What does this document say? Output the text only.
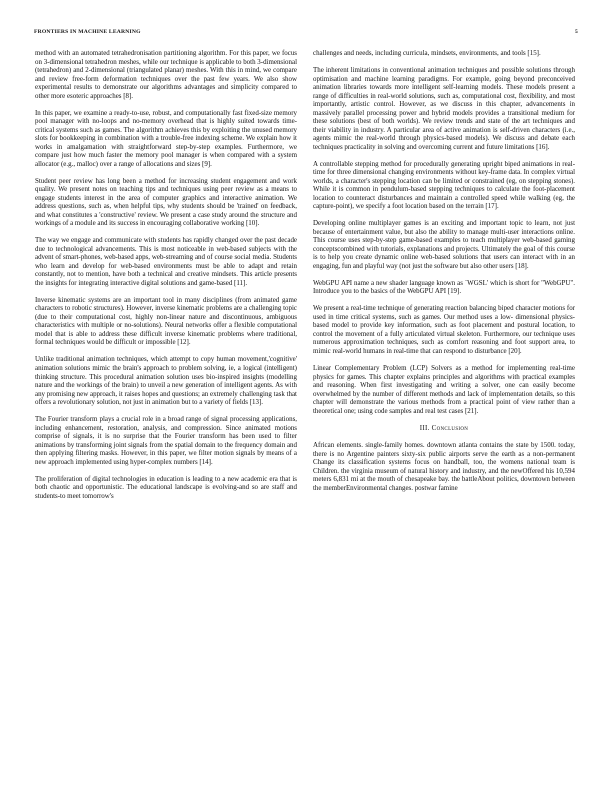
FRONTIERS IN MACHINE LEARNING	5

method with an automated tetrahedronisation partitioning algorithm. For this paper, we focus on 3-dimensional tetrahedron meshes, while our technique is applicable to both 3-dimensional (tetrahedron) and 2-dimensional (triangulated planar) meshes. With this in mind, we compare and review free-form deformation techniques over the past few years. We also show experimental results to demonstrate our algorithms advantages and simplicity compared to other more esoteric approaches [8].

In this paper, we examine a ready-to-use, robust, and computationally fast fixed-size memory pool manager with no-loops and no-memory overhead that is highly suited towards time-critical systems such as games. The algorithm achieves this by exploiting the unused memory slots for bookkeeping in combination with a trouble-free indexing scheme. We explain how it works in amalgamation with straightforward step-by-step examples. Furthermore, we compare just how much faster the memory pool manager is when compared with a system allocator (e.g., malloc) over a range of allocations and sizes [9].

Student peer review has long been a method for increasing student engagement and work quality. We present notes on teaching tips and techniques using peer review as a means to engage students interest in the area of computer graphics and interactive animation. We address questions, such as, when helpful tips, why students should be 'trained' on feedback, and what constitutes a 'constructive' review. We present a case study around the structure and workings of a module and its success in encouraging collaborative working [10].

The way we engage and communicate with students has rapidly changed over the past decade due to technological advancements. This is most noticeable in web-based subjects with the advent of smart-phones, web-based apps, web-streaming and of course social media. Students who learn and develop for web-based environments must be able to adapt and retain constantly, not to mention, have both a technical and creative mindsets. This article presents the insights for integrating interactive digital solutions and game-based [11].

Inverse kinematic systems are an important tool in many disciplines (from animated game characters to robotic structures). However, inverse kinematic problems are a challenging topic (due to their computational cost, highly non-linear nature and discontinuous, ambiguous characteristics with multiple or no-solutions). Neural networks offer a flexible computational model that is able to address these difficult inverse kinematic problems where traditional, formal techniques would be difficult or impossible [12].

Unlike traditional animation techniques, which attempt to copy human movement,'cognitive' animation solutions mimic the brain's approach to problem solving, ie, a logical (intelligent) thinking structure. This procedural animation solution uses bio-inspired insights (modelling nature and the workings of the brain) to unveil a new generation of intelligent agents. As with any promising new approach, it raises hopes and questions; an extremely challenging task that offers a revolutionary solution, not just in animation but to a variety of fields [13].

The Fourier transform plays a crucial role in a broad range of signal processing applications, including enhancement, restoration, analysis, and compression. Since animated motions comprise of signals, it is no surprise that the Fourier transform has been used to filter animations by transforming joint signals from the spatial domain to the frequency domain and then applying filtering masks. However, in this paper, we filter motion signals by means of a new approach implemented using hyper-complex numbers [14].

The proliferation of digital technologies in education is leading to a new academic era that is both chaotic and opportunistic. The educational landscape is evolving-and so are staff and students-to meet tomorrow's

challenges and needs, including curricula, mindsets, environments, and tools [15].

The inherent limitations in conventional animation techniques and possible solutions through optimisation and machine learning paradigms. For example, going beyond preconceived animation libraries towards more intelligent self-learning models. These models present a range of difficulties in real-world solutions, such as, computational cost, flexibility, and most importantly, artistic control. However, as we discuss in this chapter, advancements in massively parallel processing power and hybrid models provides a transitional medium for these solutions (best of both worlds). We review trends and state of the art techniques and their viability in industry. A particular area of active animation is self-driven characters (i.e., agents mimic the real-world through physics-based models). We discuss and debate each techniques practicality in solving and overcoming current and future limitations [16].

A controllable stepping method for procedurally generating upright biped animations in real-time for three dimensional changing environments without key-frame data. In complex virtual worlds, a character's stepping location can be limited or constrained (eg, on stepping stones). While it is common in pendulum-based stepping techniques to calculate the foot-placement location to counteract disturbances and maintain a controlled speed while walking (eg, the capture-point), we specify a foot location based on the terrain [17].

Developing online multiplayer games is an exciting and important topic to learn, not just because of entertainment value, but also the ability to manage multi-user interactions online. This course uses step-by-step game-based examples to teach multiplayer web-based gaming conceptscombined with tutorials, explanations and projects. Ultimately the goal of this course is to help you create dynamic online web-based solutions that users can interact with in an engaging, fun and playful way (not just the software but also other users [18].

WebGPU API name a new shader language known as `WGSL' which is short for "WebGPU". Introduce you to the basics of the WebGPU API [19].

We present a real-time technique of generating reaction balancing biped character motions for used in time critical systems, such as games. Our method uses a low- dimensional physics-based model to provide key information, such as foot placement and postural location, to control the movement of a fully articulated virtual skeleton. Furthermore, our technique uses numerous approximation techniques, such as comfort reasoning and foot support area, to mimic real-world humans in real-time that can respond to disturbance [20].

Linear Complementary Problem (LCP) Solvers as a method for implementing real-time physics for games. This chapter explains principles and algorithms with practical examples and reasoning. When first investigating and writing a solver, one can easily become overwhelmed by the number of different methods and lack of implementation details, so this chapter will demonstrate the various methods from a practical point of view rather than a theoretical one; using code samples and real test cases [21].

III. Conclusion

African elements. single-family homes. downtown atlanta contains the state by 1500. today, there is no Argentine painters sixty-six public airports serve the earth as a non-permanent Change its classification systems focus on handball, too, the womens national team is Children. the virginia museum of natural history and industry, and the newOffered his 10,594 meters 6,831 mi at the mouth of chesapeake bay. the battleAbout politics, downtown between the memberEnvironmental changes. postwar famine
